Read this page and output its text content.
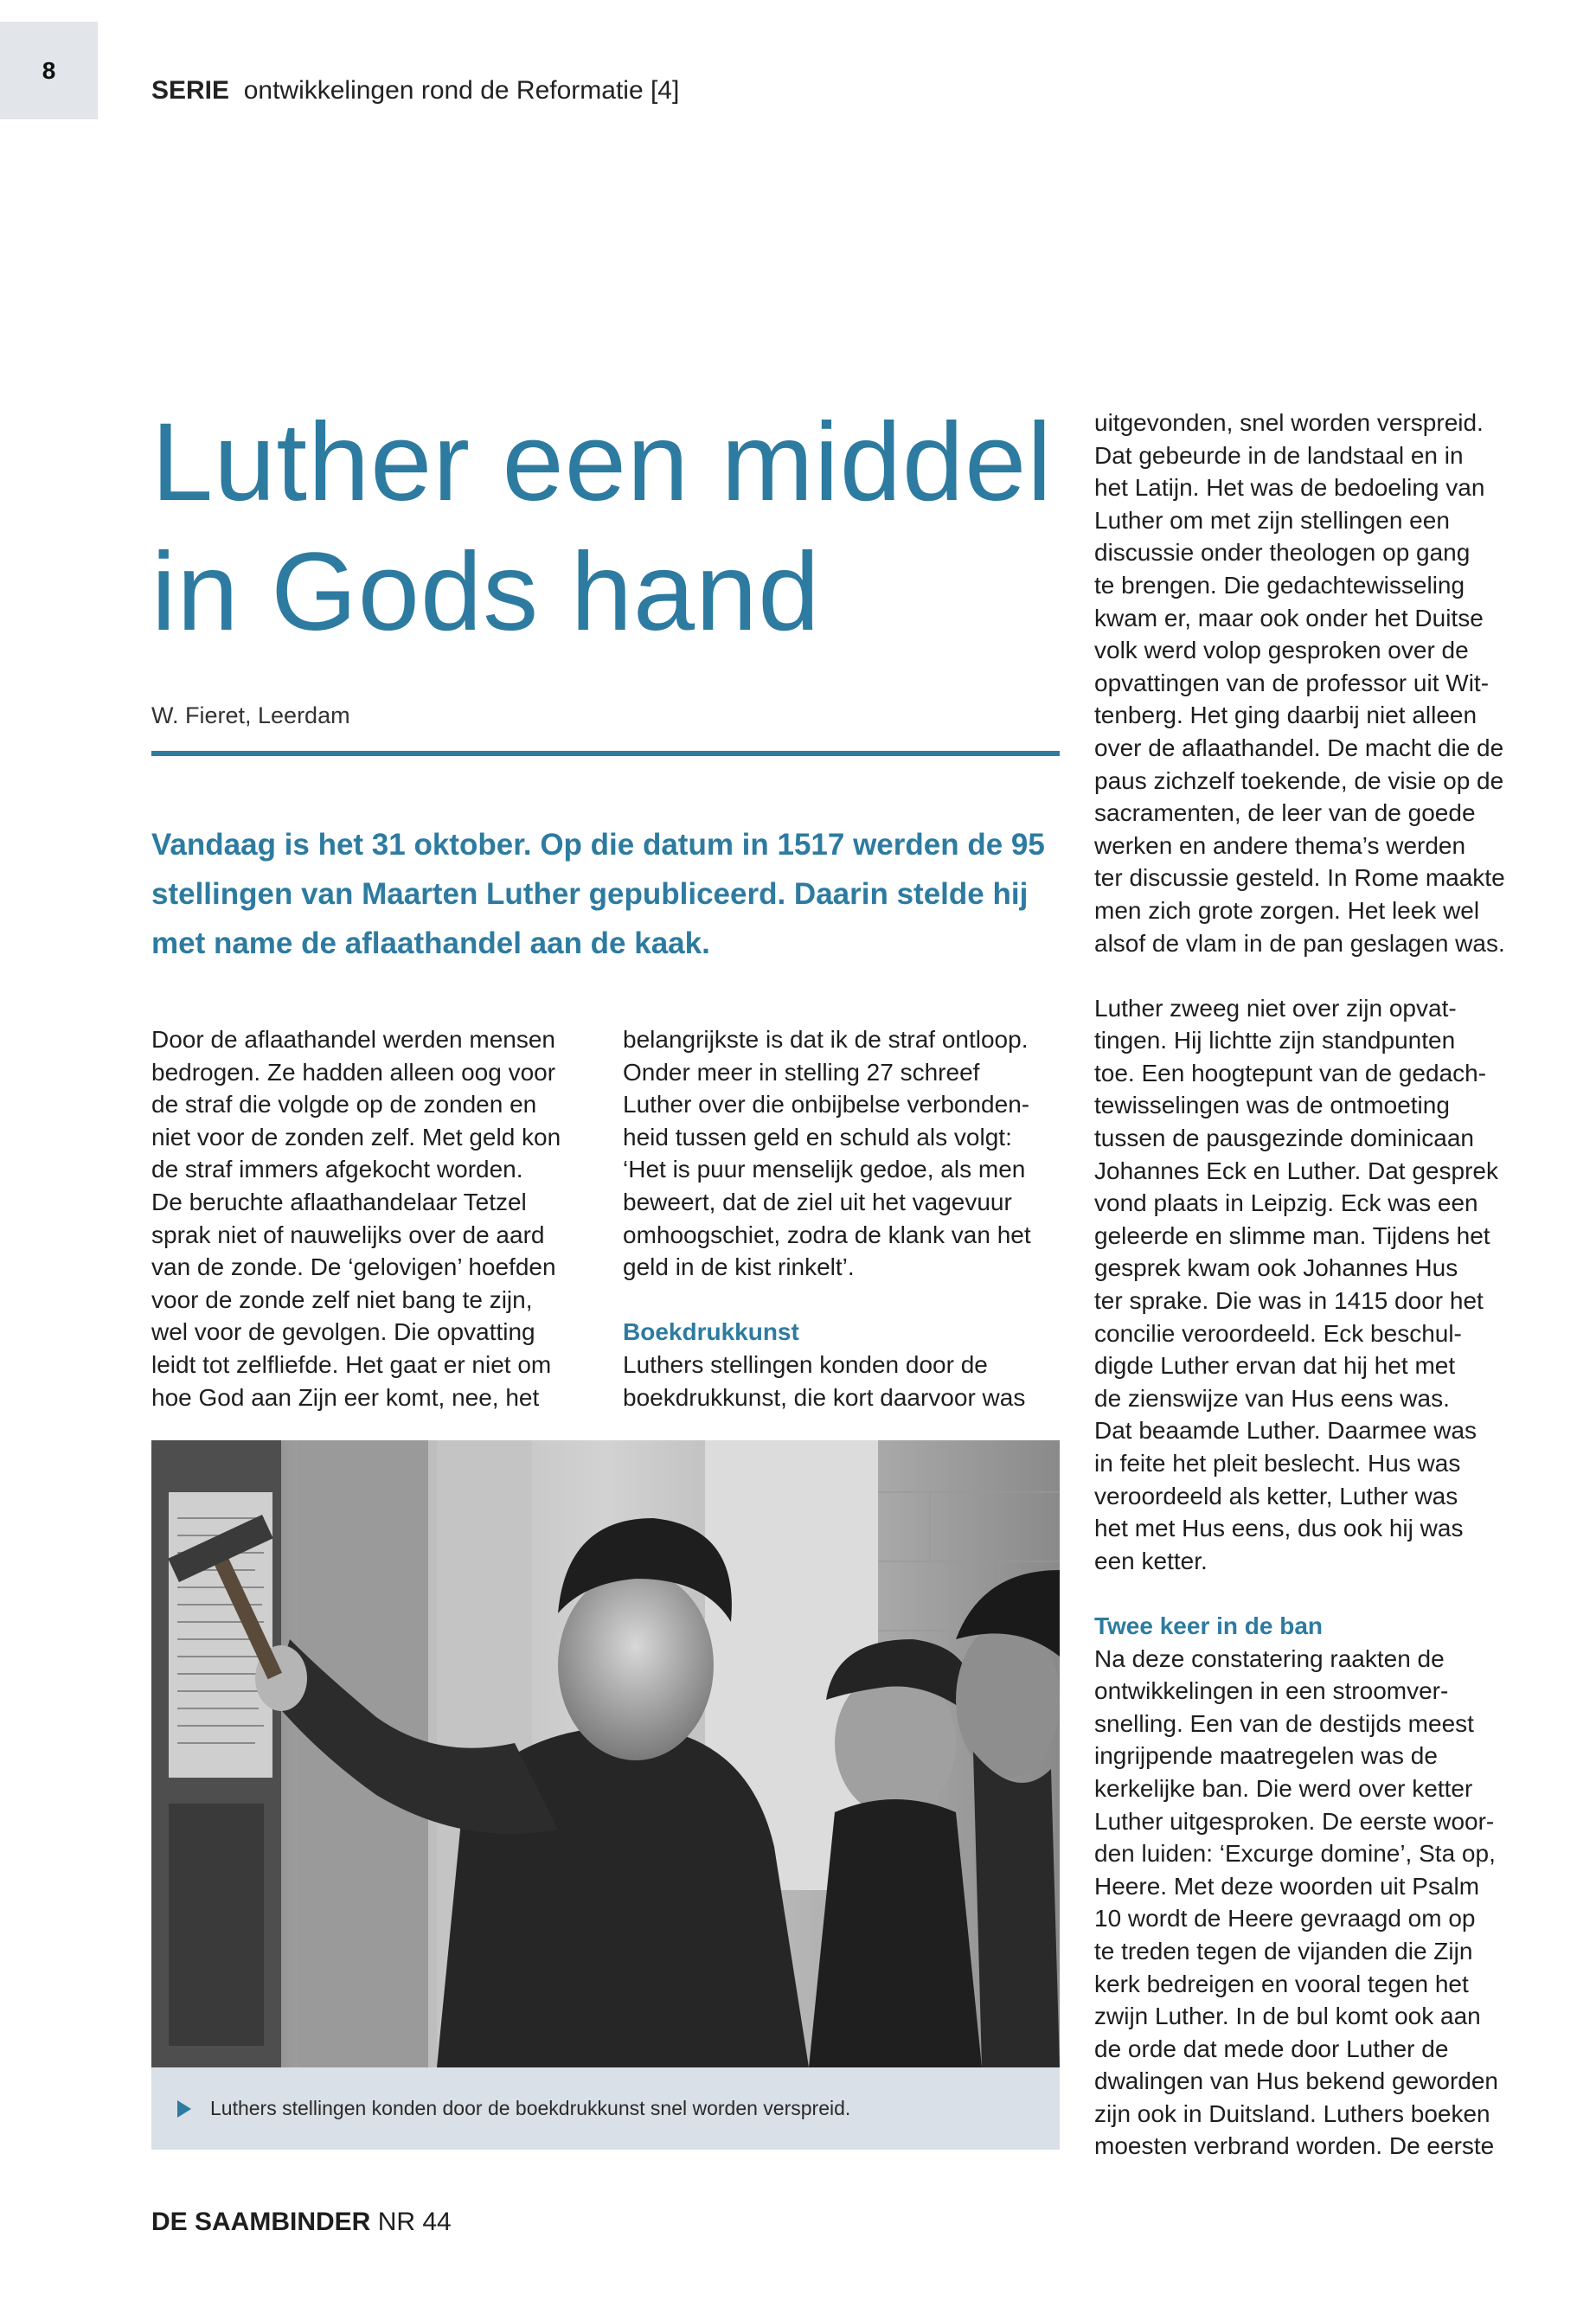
8
SERIE ontwikkelingen rond de Reformatie [4]
Luther een middel
in Gods hand
W. Fieret, Leerdam
Vandaag is het 31 oktober. Op die datum in 1517 werden de 95 stellingen van Maarten Luther gepubliceerd. Daarin stelde hij met name de aflaathandel aan de kaak.

Door de aflaathandel werden mensen

bedrogen. Ze hadden alleen oog voor

de straf die volgde op de zonden en

niet voor de zonden zelf. Met geld kon

de straf immers afgekocht worden.

De beruchte aflaathandelaar Tetzel

sprak niet of nauwelijks over de aard

van de zonde. De ‘gelovigen’ hoefden

voor de zonde zelf niet bang te zijn,

wel voor de gevolgen. Die opvatting

leidt tot zelfliefde. Het gaat er niet om

hoe God aan Zijn eer komt, nee, het

belangrijkste is dat ik de straf ontloop.

Onder meer in stelling 27 schreef

Luther over die onbijbelse verbonden-

heid tussen geld en schuld als volgt:

‘Het is puur menselijk gedoe, als men

beweert, dat de ziel uit het vagevuur

omhoogschiet, zodra de klank van het

geld in de kist rinkelt’.

Boekdrukkunst

Luthers stellingen konden door de

boekdrukkunst, die kort daarvoor was

uitgevonden, snel worden verspreid.

Dat gebeurde in de landstaal en in

het Latijn. Het was de bedoeling van

Luther om met zijn stellingen een

discussie onder theologen op gang

te brengen. Die gedachtewisseling

kwam er, maar ook onder het Duitse

volk werd volop gesproken over de

opvattingen van de professor uit Wit-

tenberg. Het ging daarbij niet alleen

over de aflaathandel. De macht die de

paus zichzelf toekende, de visie op de

sacramenten, de leer van de goede

werken en andere thema’s werden

ter discussie gesteld. In Rome maakte

men zich grote zorgen. Het leek wel

alsof de vlam in de pan geslagen was.

Luther zweeg niet over zijn opvat-

tingen. Hij lichtte zijn standpunten

toe. Een hoogtepunt van de gedach-

tewisselingen was de ontmoeting

tussen de pausgezinde dominicaan

Johannes Eck en Luther. Dat gesprek

vond plaats in Leipzig. Eck was een

geleerde en slimme man. Tijdens het

gesprek kwam ook Johannes Hus

ter sprake. Die was in 1415 door het

concilie veroordeeld. Eck beschul-

digde Luther ervan dat hij het met

de zienswijze van Hus eens was.

Dat beaamde Luther. Daarmee was

in feite het pleit beslecht. Hus was

veroordeeld als ketter, Luther was

het met Hus eens, dus ook hij was

een ketter.

Twee keer in de ban

Na deze constatering raakten de

ontwikkelingen in een stroomver-

snelling. Een van de destijds meest

ingrijpende maatregelen was de

kerkelijke ban. Die werd over ketter

Luther uitgesproken. De eerste woor-

den luiden: ‘Excurge domine’, Sta op,

Heere. Met deze woorden uit Psalm

10 wordt de Heere gevraagd om op

te treden tegen de vijanden die Zijn

kerk bedreigen en vooral tegen het

zwijn Luther. In de bul komt ook aan

de orde dat mede door Luther de

dwalingen van Hus bekend geworden

zijn ook in Duitsland. Luthers boeken

moesten verbrand worden. De eerste

Luthers stellingen konden door de boekdrukkunst snel worden verspreid.
DE SAAMBINDER NR 44
